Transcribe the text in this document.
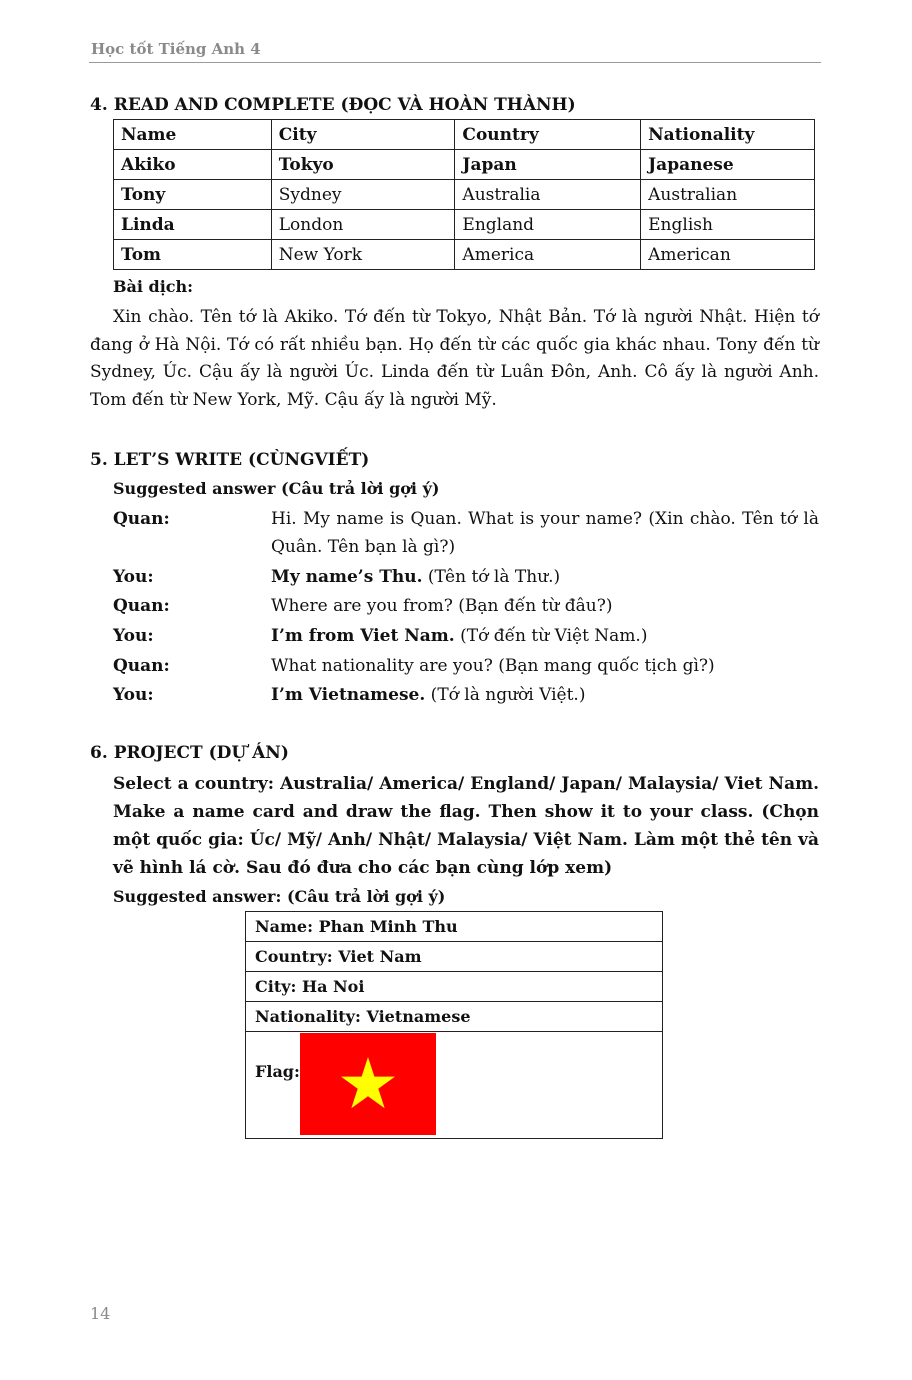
Học tốt Tiếng Anh 4
4. READ AND COMPLETE (ĐỌC VÀ HOÀN THÀNH)
Name	City	Country	Nationality
Akiko	Tokyo	Japan	Japanese
Tony	Sydney	Australia	Australian
Linda	London	England	English
Tom	New York	America	American
Bài dịch:
Xin chào. Tên tớ là Akiko. Tớ đến từ Tokyo, Nhật Bản. Tớ là người Nhật. Hiện tớ đang ở Hà Nội. Tớ có rất nhiều bạn. Họ đến từ các quốc gia khác nhau. Tony đến từ Sydney, Úc. Cậu ấy là người Úc. Linda đến từ Luân Đôn, Anh. Cô ấy là người Anh. Tom đến từ New York, Mỹ. Cậu ấy là người Mỹ.
5. LET’S WRITE (CÙNGVIẾT)
Suggested answer (Câu trả lời gợi ý)
Quan:	Hi. My name is Quan. What is your name? (Xin chào. Tên tớ là Quân. Tên bạn là gì?)
You:	My name’s Thu. (Tên tớ là Thư.)
Quan:	Where are you from? (Bạn đến từ đâu?)
You:	I’m from Viet Nam. (Tớ đến từ Việt Nam.)
Quan:	What nationality are you? (Bạn mang quốc tịch gì?)
You:	I’m Vietnamese. (Tớ là người Việt.)
6. PROJECT (DỰ ÁN)
Select a country: Australia/ America/ England/ Japan/ Malaysia/ Viet Nam. Make a name card and draw the flag. Then show it to your class. (Chọn một quốc gia: Úc/ Mỹ/ Anh/ Nhật/ Malaysia/ Việt Nam. Làm một thẻ tên và vẽ hình lá cờ. Sau đó đưa cho các bạn cùng lớp xem)
Suggested answer: (Câu trả lời gợi ý)
Name: Phan Minh Thu
Country: Viet Nam
City: Ha Noi
Nationality: Vietnamese

Flag:
14
